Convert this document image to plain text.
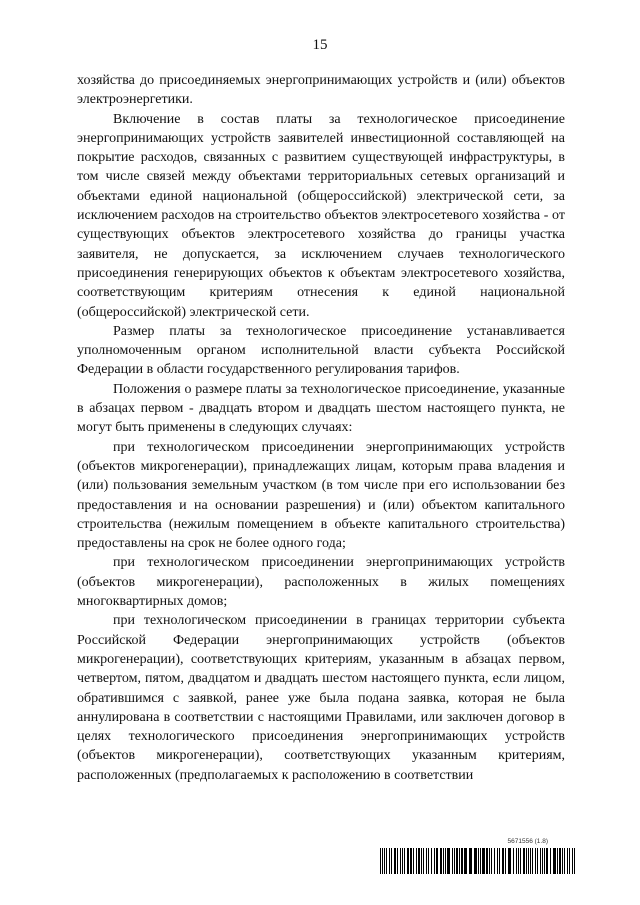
15

хозяйства до присоединяемых энергопринимающих устройств и (или) объектов электроэнергетики.

Включение в состав платы за технологическое присоединение энергопринимающих устройств заявителей инвестиционной составляющей на покрытие расходов, связанных с развитием существующей инфраструктуры, в том числе связей между объектами территориальных сетевых организаций и объектами единой национальной (общероссийской) электрической сети, за исключением расходов на строительство объектов электросетевого хозяйства - от существующих объектов электросетевого хозяйства до границы участка заявителя, не допускается, за исключением случаев технологического присоединения генерирующих объектов к объектам электросетевого хозяйства, соответствующим критериям отнесения к единой национальной (общероссийской) электрической сети.

Размер платы за технологическое присоединение устанавливается уполномоченным органом исполнительной власти субъекта Российской Федерации в области государственного регулирования тарифов.

Положения о размере платы за технологическое присоединение, указанные в абзацах первом - двадцать втором и двадцать шестом настоящего пункта, не могут быть применены в следующих случаях:

при технологическом присоединении энергопринимающих устройств (объектов микрогенерации), принадлежащих лицам, которым права владения и (или) пользования земельным участком (в том числе при его использовании без предоставления и на основании разрешения) и (или) объектом капитального строительства (нежилым помещением в объекте капитального строительства) предоставлены на срок не более одного года;

при технологическом присоединении энергопринимающих устройств (объектов микрогенерации), расположенных в жилых помещениях многоквартирных домов;

при технологическом присоединении в границах территории субъекта Российской Федерации энергопринимающих устройств (объектов микрогенерации), соответствующих критериям, указанным в абзацах первом, четвертом, пятом, двадцатом и двадцать шестом настоящего пункта, если лицом, обратившимся с заявкой, ранее уже была подана заявка, которая не была аннулирована в соответствии с настоящими Правилами, или заключен договор в целях технологического присоединения энергопринимающих устройств (объектов микрогенерации), соответствующих указанным критериям, расположенных (предполагаемых к расположению в соответствии

5671556 (1.8)
